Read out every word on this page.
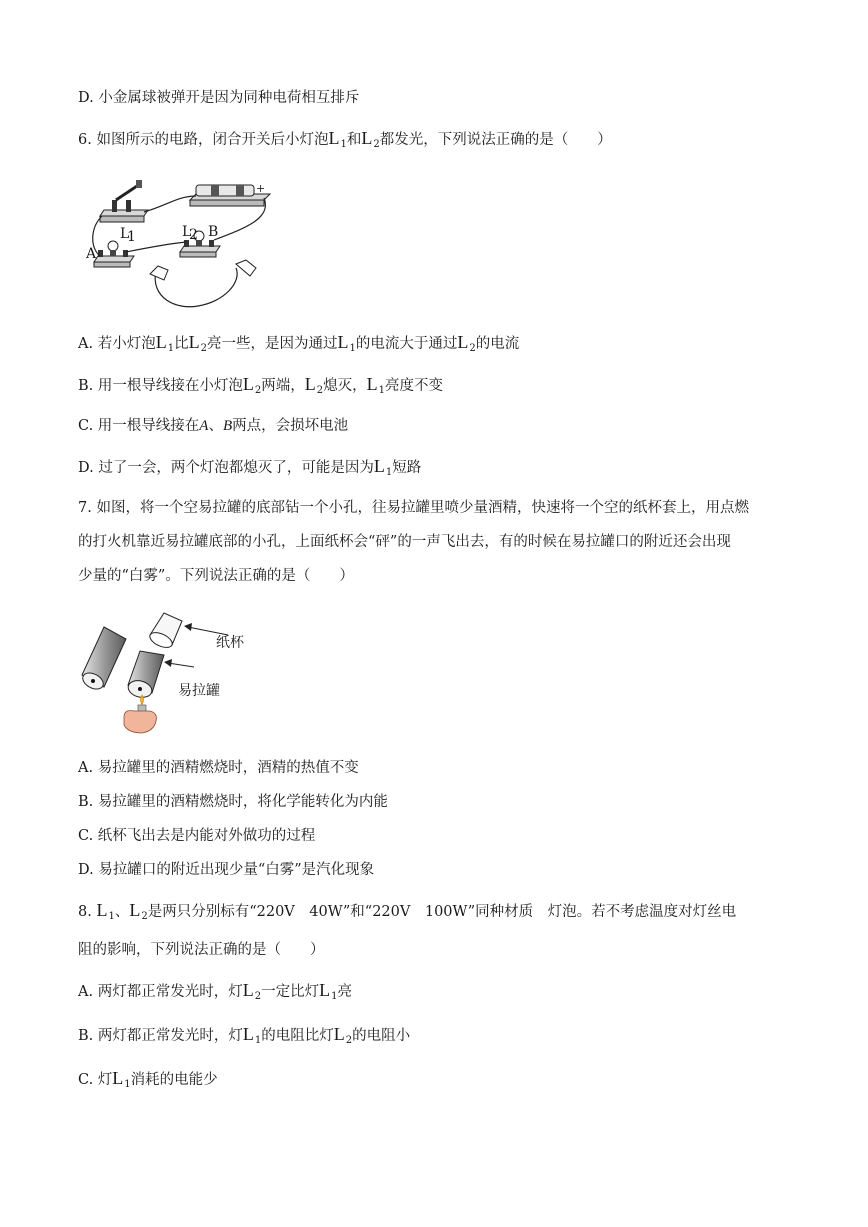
D. 小金属球被弹开是因为同种电荷相互排斥
6. 如图所示的电路，闭合开关后小灯泡$L_1$和$L_2$都发光，下列说法正确的是（　　）
+
A
L
1	L
2 B
A. 若小灯泡$L_1$比$L_2$亮一些，是因为通过$L_1$的电流大于通过$L_2$的电流
B. 用一根导线接在小灯泡$L_2$两端，$L_2$熄灭，$L_1$亮度不变
C. 用一根导线接在A、B两点，会损坏电池
D. 过了一会，两个灯泡都熄灭了，可能是因为$L_1$短路
7. 如图，将一个空易拉罐的底部钻一个小孔，往易拉罐里喷少量酒精，快速将一个空的纸杯套上，用点燃
的打火机靠近易拉罐底部的小孔，上面纸杯会“砰”的一声飞出去，有的时候在易拉罐口的附近还会出现
少量的“白雾”。下列说法正确的是（　　）
纸杯
易拉罐
A. 易拉罐里的酒精燃烧时，酒精的热值不变
B. 易拉罐里的酒精燃烧时，将化学能转化为内能
C. 纸杯飞出去是内能对外做功的过程
D. 易拉罐口的附近出现少量“白雾”是汽化现象
8. $L_1$、$L_2$是两只分别标有“220V　40W”和“220V　100W”同种材质　灯泡。若不考虑温度对灯丝电
阻的影响，下列说法正确的是（　　）
A. 两灯都正常发光时，灯$L_2$一定比灯$L_1$亮
B. 两灯都正常发光时，灯$L_1$的电阻比灯$L_2$的电阻小
C. 灯$L_1$消耗的电能少
